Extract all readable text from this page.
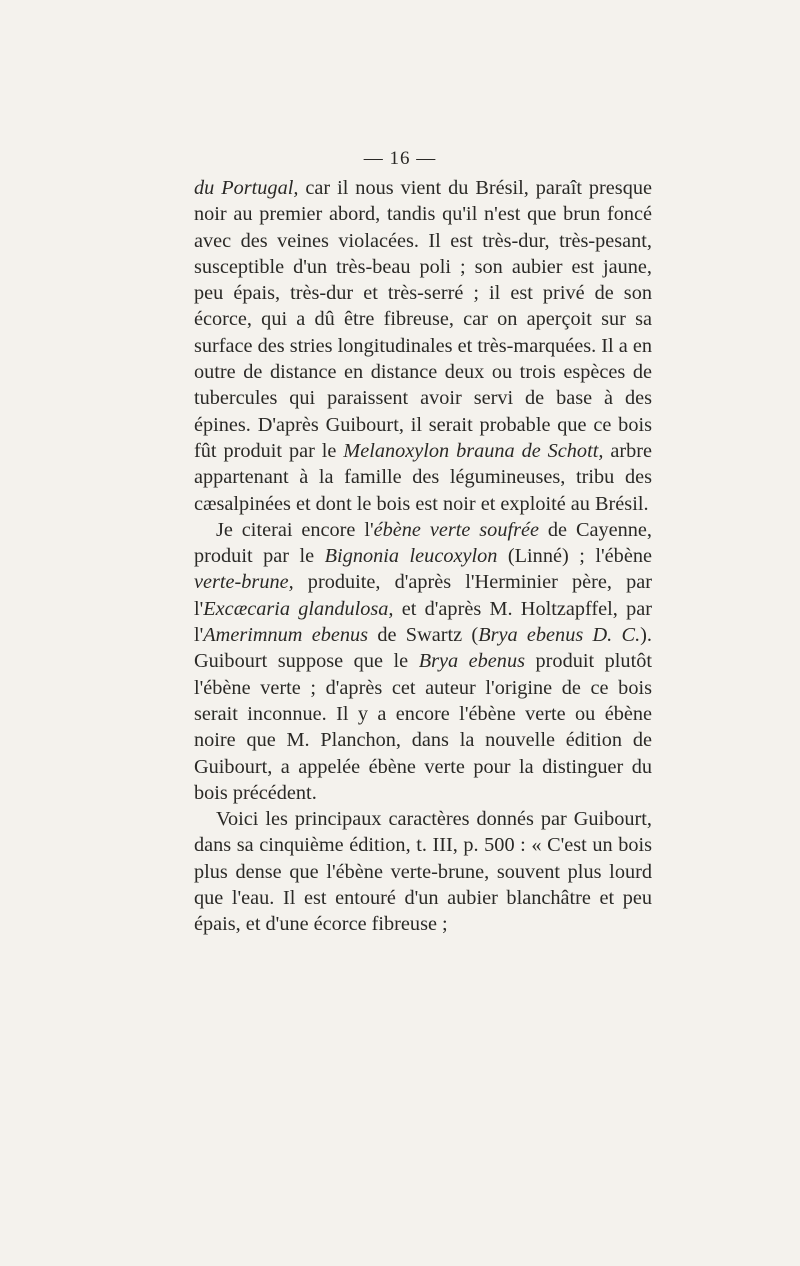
— 16 —

du Portugal, car il nous vient du Brésil, paraît presque noir au premier abord, tandis qu'il n'est que brun foncé avec des veines violacées. Il est très-dur, très-pesant, susceptible d'un très-beau poli ; son aubier est jaune, peu épais, très-dur et très-serré ; il est privé de son écorce, qui a dû être fibreuse, car on aperçoit sur sa surface des stries longitudinales et très-marquées. Il a en outre de distance en distance deux ou trois espèces de tubercules qui paraissent avoir servi de base à des épines. D'après Guibourt, il serait probable que ce bois fût produit par le Melanoxylon brauna de Schott, arbre appartenant à la famille des légumineuses, tribu des cæsalpinées et dont le bois est noir et exploité au Brésil.

Je citerai encore l'ébène verte soufrée de Cayenne, produit par le Bignonia leucoxylon (Linné) ; l'ébène verte-brune, produite, d'après l'Herminier père, par l'Excæcaria glandulosa, et d'après M. Holtzapffel, par l'Amerimnum ebenus de Swartz (Brya ebenus D. C.). Guibourt suppose que le Brya ebenus produit plutôt l'ébène verte ; d'après cet auteur l'origine de ce bois serait inconnue. Il y a encore l'ébène verte ou ébène noire que M. Planchon, dans la nouvelle édition de Guibourt, a appelée ébène verte pour la distinguer du bois précédent.

Voici les principaux caractères donnés par Guibourt, dans sa cinquième édition, t. III, p. 500 : « C'est un bois plus dense que l'ébène verte-brune, souvent plus lourd que l'eau. Il est entouré d'un aubier blanchâtre et peu épais, et d'une écorce fibreuse ;
